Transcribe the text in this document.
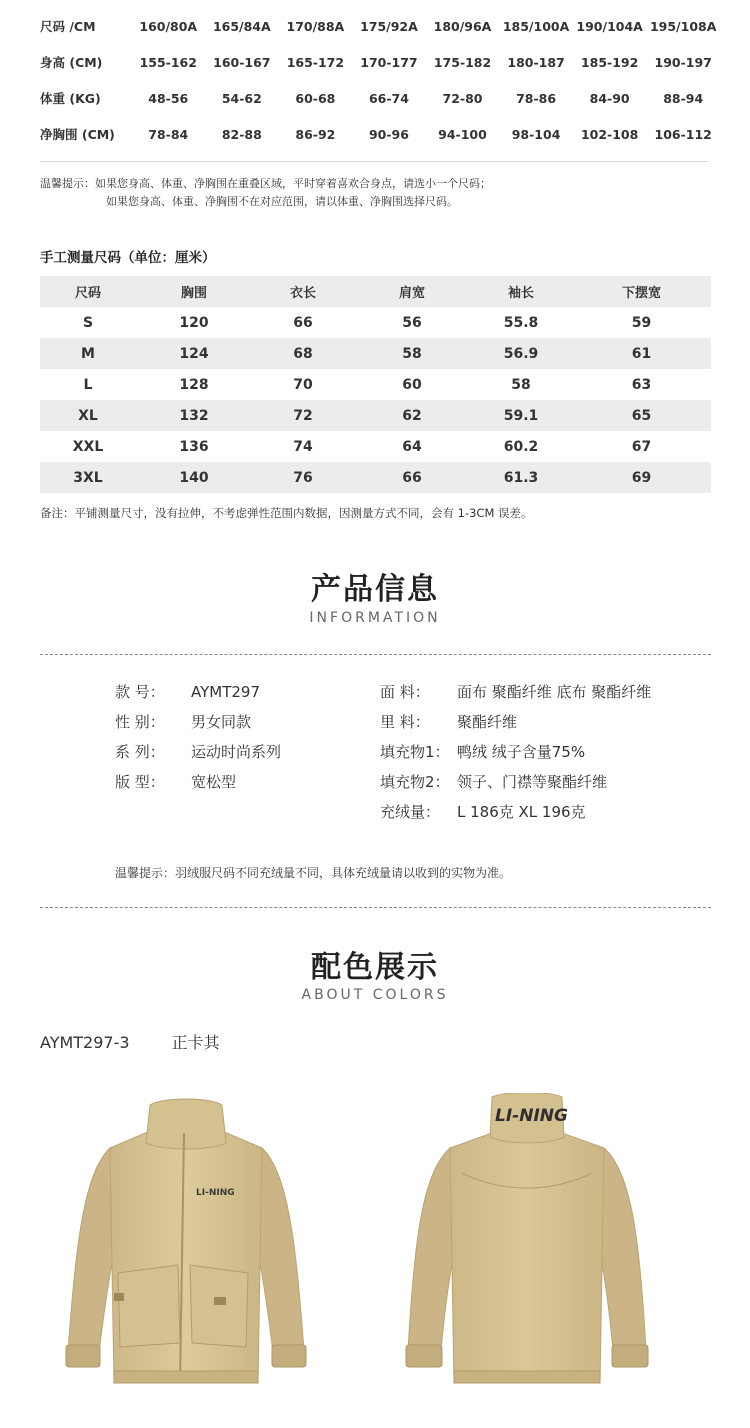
尺码 /CM	160/80A	165/84A	170/88A	175/92A	180/96A 185/100A 190/104A 195/108A
身高 (CM)	155-162	160-167	165-172	170-177	175-182	180-187	185-192	190-197
体重 (KG)	48-56	54-62	60-68	66-74	72-80	78-86	84-90	88-94
净胸围 (CM)	78-84	82-88	86-92	90-96	94-100	98-104	102-108	106-112
温馨提示：如果您身高、体重、净胸围在重叠区域，平时穿着喜欢合身点，请选小一个尺码；
如果您身高、体重、净胸围不在对应范围，请以体重、净胸围选择尺码。
手工测量尺码（单位：厘米）
尺码	胸围	衣长	肩宽	袖长	下摆宽
S	120	66	56	55.8	59
M	124	68	58	56.9	61
L	128	70	60	58	63
XL	132	72	62	59.1	65
XXL	136	74	64	60.2	67
3XL	140	76	66	61.3	69
备注：平铺测量尺寸，没有拉伸，不考虑弹性范围内数据，因测量方式不同，会有 1-3CM 误差。
产品信息
INFORMATION
款 号： AYMT297
性 别： 男女同款
系 列： 运动时尚系列
版 型： 宽松型
面 料： 面布 聚酯纤维 底布 聚酯纤维
里 料： 聚酯纤维
填充物1： 鸭绒 绒子含量75%
填充物2： 领子、门襟等聚酯纤维
充绒量： L 186克 XL 196克
温馨提示：羽绒服尺码不同充绒量不同，具体充绒量请以收到的实物为准。
配色展示
ABOUT COLORS
AYMT297-3	正卡其
LI-NING
LI-NING
